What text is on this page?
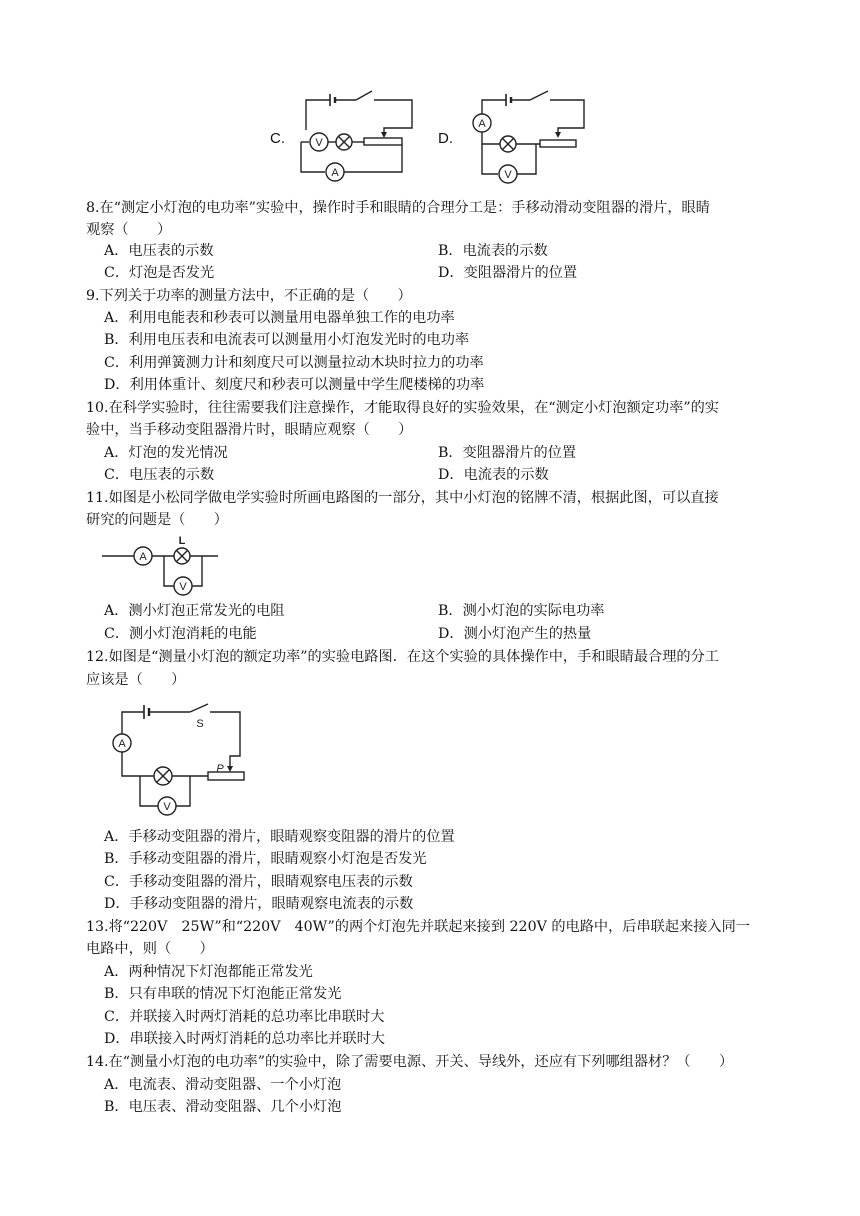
C.	V
A
D.
A
V
8.在“测定小灯泡的电功率”实验中，操作时手和眼睛的合理分工是：手移动滑动变阻器的滑片，眼睛
观察（　　）
A．电压表的示数	B．电流表的示数
C．灯泡是否发光	D．变阻器滑片的位置
9.下列关于功率的测量方法中，不正确的是（　　）
A．利用电能表和秒表可以测量用电器单独工作的电功率
B．利用电压表和电流表可以测量用小灯泡发光时的电功率
C．利用弹簧测力计和刻度尺可以测量拉动木块时拉力的功率
D．利用体重计、刻度尺和秒表可以测量中学生爬楼梯的功率
10.在科学实验时，往往需要我们注意操作，才能取得良好的实验效果，在“测定小灯泡额定功率”的实
验中，当手移动变阻器滑片时，眼睛应观察（　　）
A．灯泡的发光情况	B．变阻器滑片的位置
C．电压表的示数	D．电流表的示数
11.如图是小松同学做电学实验时所画电路图的一部分，其中小灯泡的铭牌不清，根据此图，可以直接
研究的问题是（　　）
A
L
V
A．测小灯泡正常发光的电阻	B．测小灯泡的实际电功率
C．测小灯泡消耗的电能	D．测小灯泡产生的热量
12.如图是“测量小灯泡的额定功率”的实验电路图．在这个实验的具体操作中，手和眼睛最合理的分工
应该是（　　）
S
P
A
V
A．手移动变阻器的滑片，眼睛观察变阻器的滑片的位置
B．手移动变阻器的滑片，眼睛观察小灯泡是否发光
C．手移动变阻器的滑片，眼睛观察电压表的示数
D．手移动变阻器的滑片，眼睛观察电流表的示数
13.将“220V　25W”和“220V　40W”的两个灯泡先并联起来接到 220V 的电路中，后串联起来接入同一
电路中，则（　　）
A．两种情况下灯泡都能正常发光
B．只有串联的情况下灯泡能正常发光
C．并联接入时两灯消耗的总功率比串联时大
D．串联接入时两灯消耗的总功率比并联时大
14.在“测量小灯泡的电功率”的实验中，除了需要电源、开关、导线外，还应有下列哪组器材？（　　）
A．电流表、滑动变阻器、一个小灯泡
B．电压表、滑动变阻器、几个小灯泡
